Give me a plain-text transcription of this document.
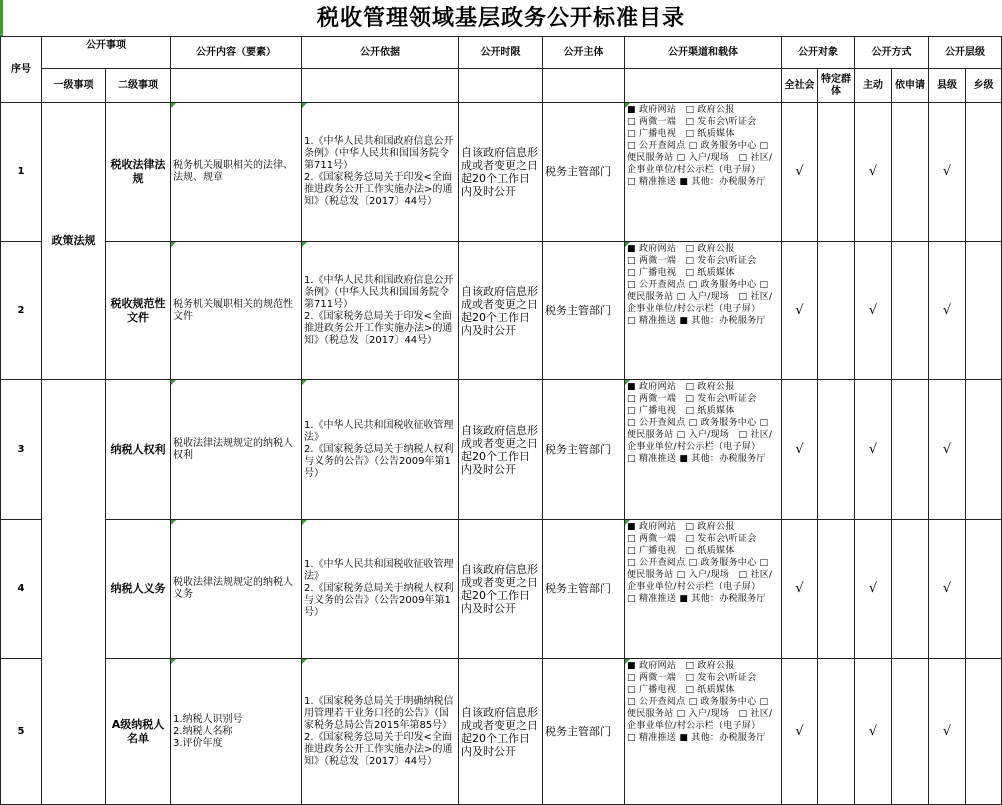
税收管理领域基层政务公开标准目录
序号	公开事项		公开内容（要素）	公开依据	公开时限	公开主体	公开渠道和载体	公开对象		公开方式		公开层级	
	一级事项	二级事项						全社会	特定群体	主动	依申请	县级	乡级
1	政策法规	税收法律法规	税务机关履职相关的法律、法规、规章	1.《中华人民共和国政府信息公开条例》（中华人民共和国国务院令第711号）
2.《国家税务总局关于印发<全面推进政务公开工作实施办法>的通知》（税总发〔2017〕44号）	自该政府信息形成或者变更之日起20个工作日内及时公开	税务主管部门	■ 政府网站　□ 政府公报
□ 两微一端　□ 发布会\听证会
□ 广播电视　□ 纸质媒体
□ 公开查阅点 □ 政务服务中心 □ 便民服务站 □ 入户/现场　□ 社区/企事业单位/村公示栏（电子屏）
□ 精准推送 ■ 其他：办税服务厅	√		√		√	
2		税收规范性文件	税务机关履职相关的规范性文件	1.《中华人民共和国政府信息公开条例》（中华人民共和国国务院令第711号）
2.《国家税务总局关于印发<全面推进政务公开工作实施办法>的通知》（税总发〔2017〕44号）	自该政府信息形成或者变更之日起20个工作日内及时公开	税务主管部门	■ 政府网站　□ 政府公报
□ 两微一端　□ 发布会\听证会
□ 广播电视　□ 纸质媒体
□ 公开查阅点 □ 政务服务中心 □ 便民服务站 □ 入户/现场　□ 社区/企事业单位/村公示栏（电子屏）
□ 精准推送 ■ 其他：办税服务厅	√		√		√	
3		纳税人权利	税收法律法规规定的纳税人权利	1.《中华人民共和国税收征收管理法》
2.《国家税务总局关于纳税人权利与义务的公告》（公告2009年第1号）	自该政府信息形成或者变更之日起20个工作日内及时公开	税务主管部门	■ 政府网站　□ 政府公报
□ 两微一端　□ 发布会\听证会
□ 广播电视　□ 纸质媒体
□ 公开查阅点 □ 政务服务中心 □ 便民服务站 □ 入户/现场　□ 社区/企事业单位/村公示栏（电子屏）
□ 精准推送 ■ 其他：办税服务厅	√		√		√	
4		纳税人义务	税收法律法规规定的纳税人义务	1.《中华人民共和国税收征收管理法》
2.《国家税务总局关于纳税人权利与义务的公告》（公告2009年第1号）	自该政府信息形成或者变更之日起20个工作日内及时公开	税务主管部门	■ 政府网站　□ 政府公报
□ 两微一端　□ 发布会\听证会
□ 广播电视　□ 纸质媒体
□ 公开查阅点 □ 政务服务中心 □ 便民服务站 □ 入户/现场　□ 社区/企事业单位/村公示栏（电子屏）
□ 精准推送 ■ 其他：办税服务厅	√		√		√	
5		A级纳税人名单	1.纳税人识别号
2.纳税人名称
3.评价年度	1.《国家税务总局关于明确纳税信用管理若干业务口径的公告》（国家税务总局公告2015年第85号）
2.《国家税务总局关于印发<全面推进政务公开工作实施办法>的通知》（税总发〔2017〕44号）	自该政府信息形成或者变更之日起20个工作日内及时公开	税务主管部门	■ 政府网站　□ 政府公报
□ 两微一端　□ 发布会\听证会
□ 广播电视　□ 纸质媒体
□ 公开查阅点 □ 政务服务中心 □ 便民服务站 □ 入户/现场　□ 社区/企事业单位/村公示栏（电子屏）
□ 精准推送 ■ 其他：办税服务厅	√		√		√	
